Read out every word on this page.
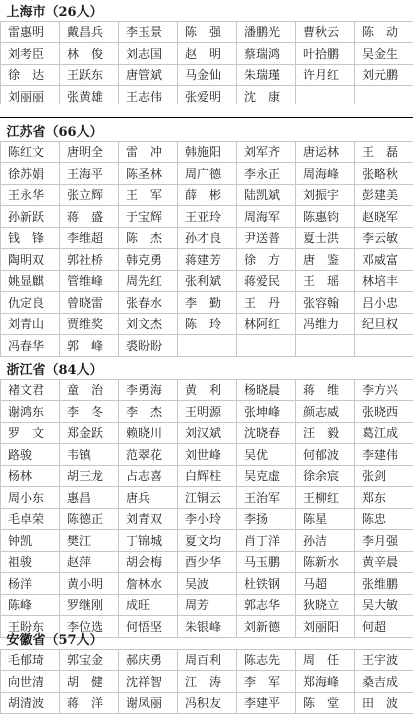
上海市（26人）						
雷惠明	戴昌兵	李玉景	陈　强	潘鹏光	曹秋云	陈　动
刘考臣	林　俊	刘志国	赵　明	蔡瑞鸿	叶拾鹏	吴金生
徐　达	王跃东	唐管斌	马金仙	朱瑞瑾	许月红	刘元鹏
刘丽丽	张黄雄	王志伟	张爱明	沈　康		
江苏省（66人）						
陈红文	唐明全	雷　冲	韩施阳	刘军齐	唐运林	王　磊
徐苏娟	王海平	陈圣林	周广德	李永正	周海峰	张略秋
王永华	张立辉	王　军	薛　彬	陆凯斌	刘振宇	彭建美
孙新跃	蒋　盛	于宝辉	王亚玲	周海军	陈惠钧	赵晓军
钱　锋	李维超	陈　杰	孙才良	尹送普	夏士洪	李云敏
陶明双	郭社桥	韩克勇	蒋建芳	徐　方	唐　鉴	邓威富
姚显麒	管维峰	周先红	张利斌	蒋爱民	王　瑶	林培丰
仇定良	曾晓雷	张春水	李　勤	王　丹	张容翰	吕小忠
刘青山	贾维奖	刘文杰	陈　玲	林阿红	冯维力	纪旦权
冯春华	郭　峰	裘盼盼				
浙江省（84人）						
褚文君	童　治	李勇海	黄　利	杨晓晨	蒋　维	李方兴
谢鸿东	李　冬	李　杰	王明源	张坤峰	颜志威	张晓西
罗　文	郑金跃	赖晓川	刘汉斌	沈晓春	汪　毅	葛江成
路骏	韦镇	范翠花	刘世峰	吴优	何郁波	李建伟
杨林	胡三龙	占志喜	白辉柱	吴克虚	徐余宸	张剑
周小东	惠昌	唐兵	江铜云	王治军	王柳红	郑东
毛卓荣	陈德正	刘青双	李小玲	李扬	陈星	陈忠
钟凯	樊江	丁锦城	夏文均	肖丁洋	孙洁	李月强
祖骏	赵萍	胡会梅	酉少华	马玉鹏	陈新水	黄辛晨
杨洋	黄小明	詹林水	吴波	杜铁钢	马超	张维鹏
陈峰	罗继刚	成旺	周芳	郭志华	狄晓立	吴大敏
王盼东	李位选	何悟坚	朱银峰	刘新德	刘丽阳	何超
安徽省（57人）						
毛郁琦	郭宝金	郝庆勇	周百利	陈志先	周　任	王宇波
向世清	胡　健	沈祥智	江　涛	李　军	郑海峰	桑吉成
胡清波	蒋　洋	谢凤丽	冯积友	李建平	陈　堂	田　波
